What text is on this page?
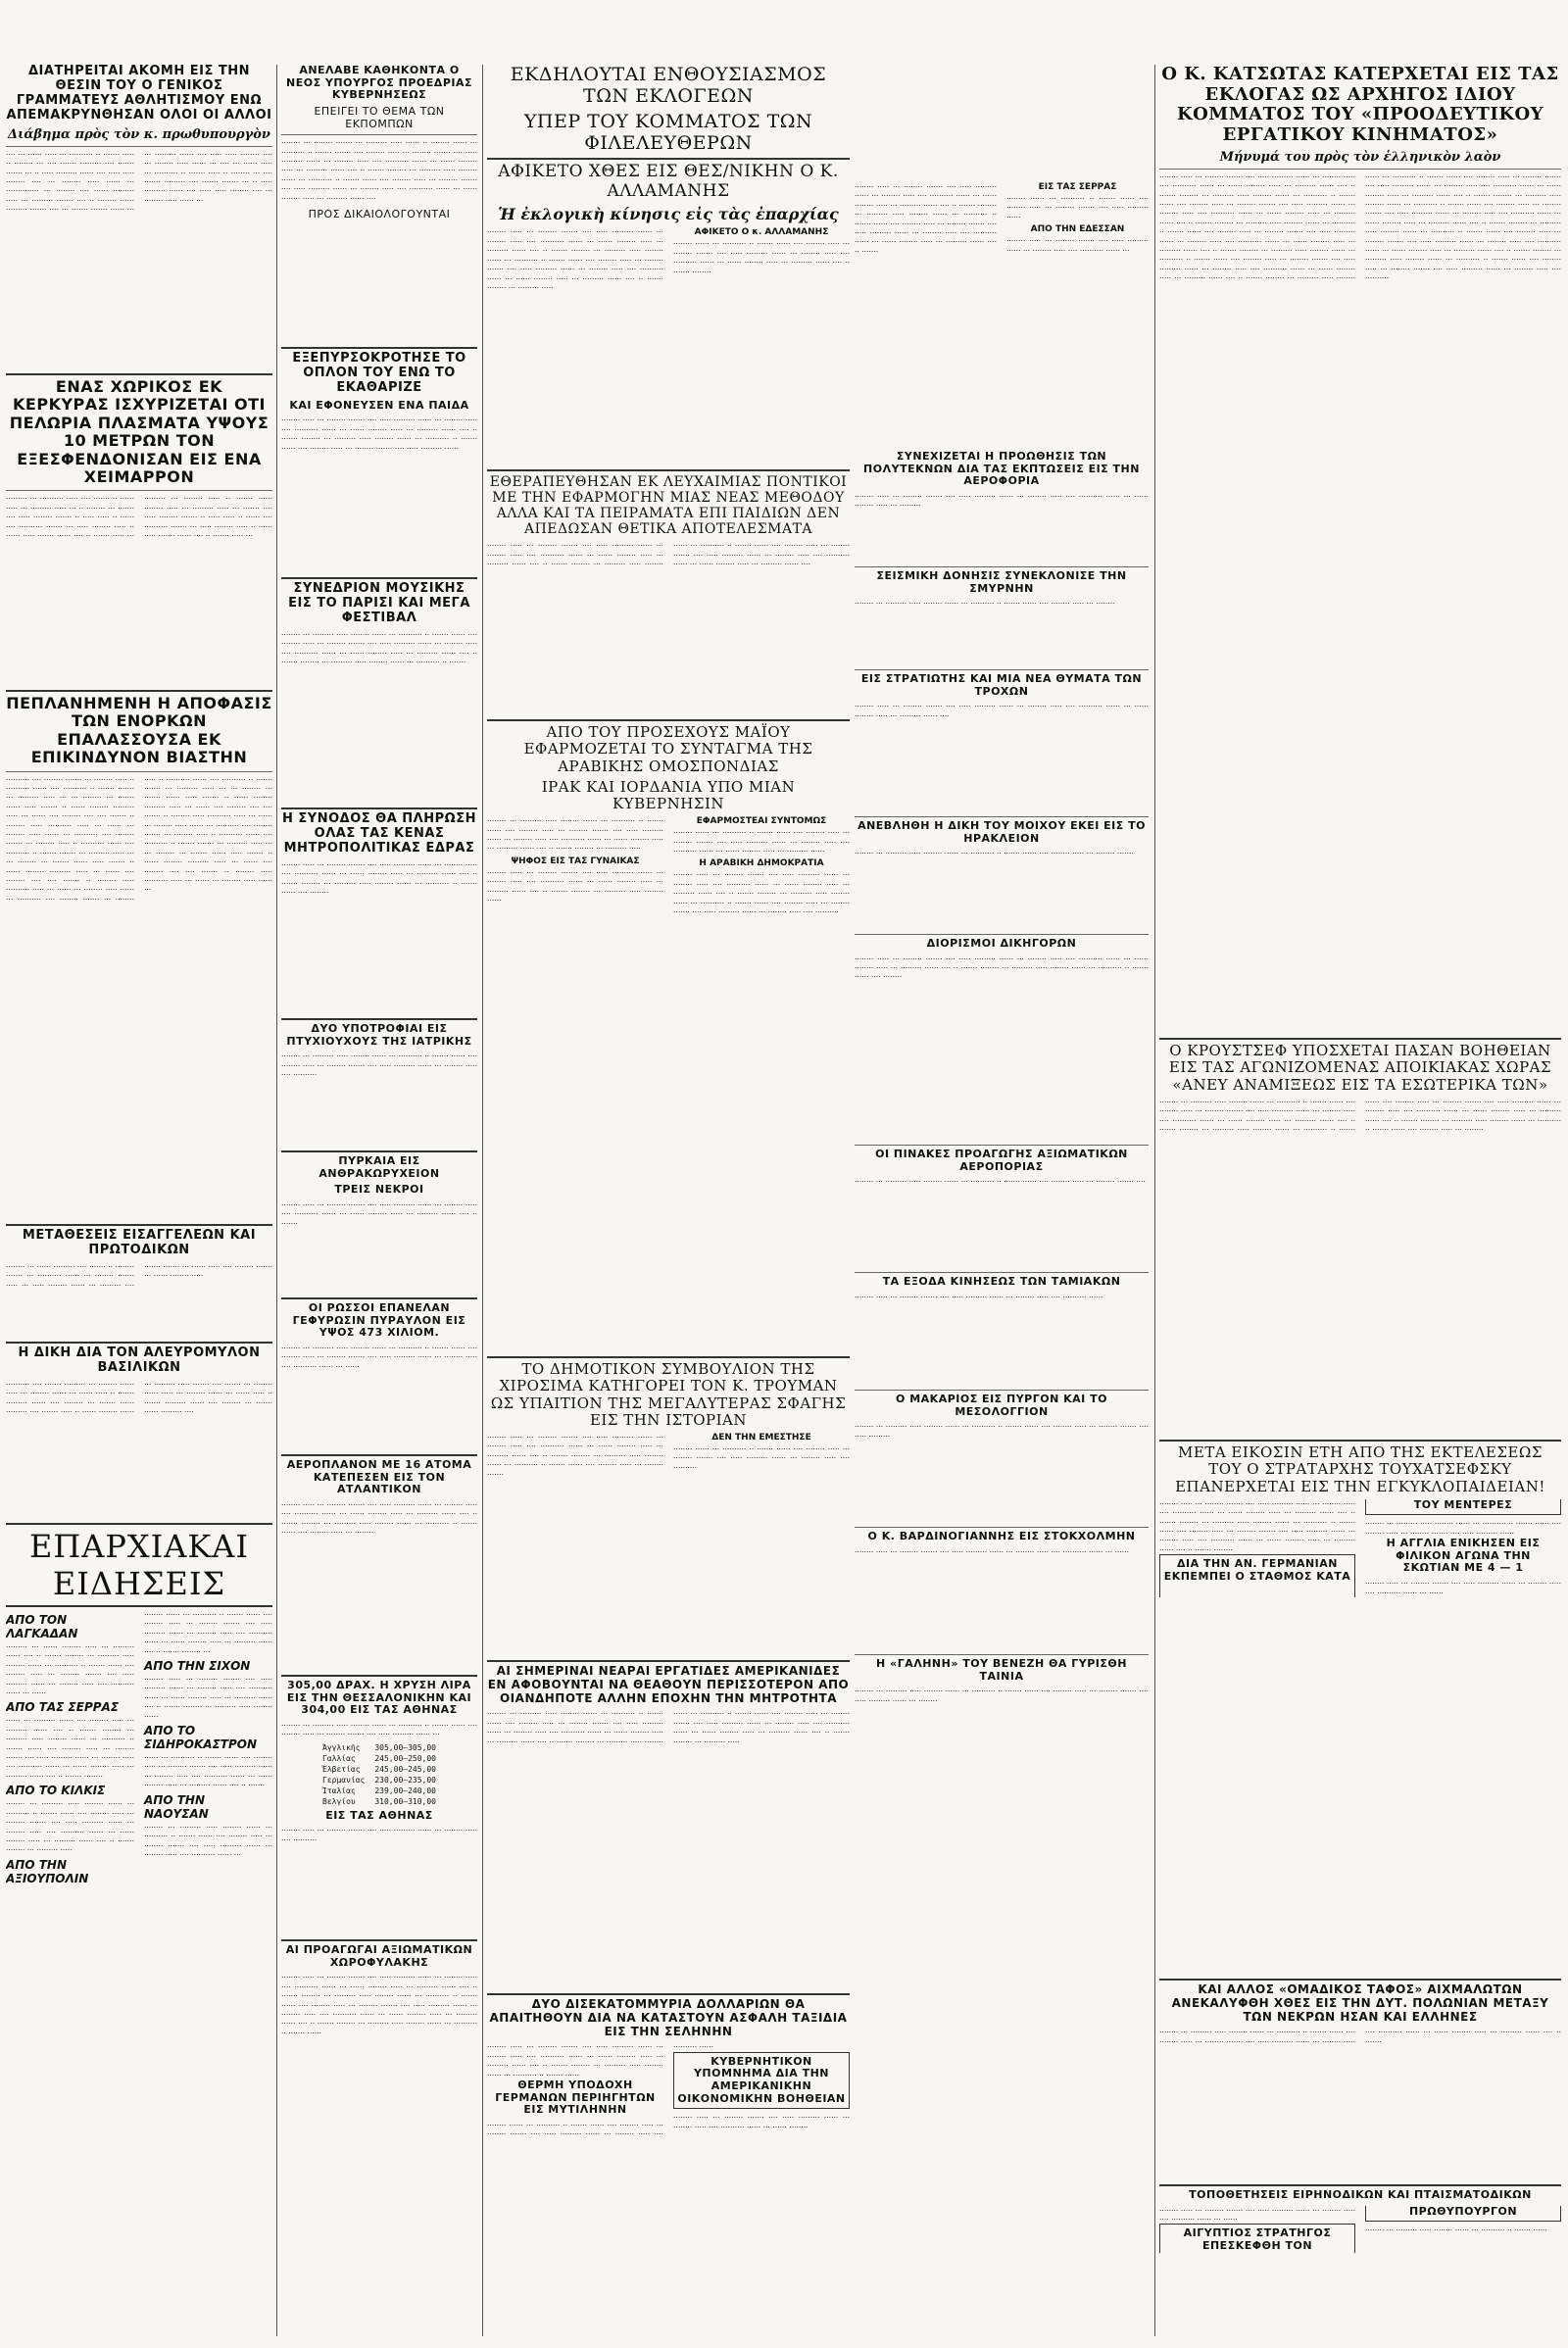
ΔΙΑΤΗΡΕΙΤΑΙ ΑΚΟΜΗ ΕΙΣ ΤΗΝ ΘΕΣΙΝ ΤΟΥ Ο ΓΕΝΙΚΟΣ ΓΡΑΜΜΑΤΕΥΣ ΑΘΛΗΤΙΣΜΟΥ ΕΝΩ ΑΠΕΜΑΚΡΥΝΘΗΣΑΝ ΟΛΟΙ ΟΙ ΑΛΛΟΙ
Διάβημα πρὸς τὸν κ. πρωθυπουργὸν

···· ··· ······ ····· ··· ·········· ·· ······· ····· ·· ········ ··· ···· ······· ········· ···· ······· ······· ··· ·· ····· ········· ······ ···· ····· ····· ········ ···· ··· ········ ····· ······ ··· ·············· ··· ········ ···· ······ ········· ····· ··· ········· ······· ···· ·· ········ ······ ········· ······· ···· ··· ······· ······· ······ ··· ··· ········· ······ ···· ····· ····· ········ ···· ··· ········ ····· ······ ··· ···· ··· ······ ····· ··· ·········· ·· ······· ····· ·· ········ ··· ···· ······· ········· ···· ······· ······· ··· ·· ····· ········· ······ ···· ····· ····· ········ ···· ··· ········ ····· ······ ···

ΕΝΑΣ ΧΩΡΙΚΟΣ ΕΚ ΚΕΡΚΥΡΑΣ ΙΣΧΥΡΙΖΕΤΑΙ ΟΤΙ ΠΕΛΩΡΙΑ ΠΛΑΣΜΑΤΑ ΥΨΟΥΣ 10 ΜΕΤΡΩΝ ΤΟΝ ΕΞΕΣΦΕΝΔΟΝΙΣΑΝ ΕΙΣ ΕΝΑ ΧΕΙΜΑΡΡΟΝ

········· ··· ·········· ····· ···· ······· ·· ······ ····· ··· ········· ····· ··· ·· ········ ··· ······· ···· ····· ········ ······· ·· ····· ····· ·· ······ ···· ·········· ······· ··· ····· ········ ····· ·· ······ ····· ······· ······ ···· ·· ······· ····· ··· ········· ··· ········ ····· ·· ······· ······ ········ ····· ··· ········· ····· ··· ······· ···· ····· ········ ······· ·· ····· ····· ·· ······ ···· ·········· ······· ··· ····· ········ ····· ·· ······ ····· ······· ······ ···· ·· ······· ····· ···

ΠΕΠΛΑΝΗΜΕΝΗ Η ΑΠΟΦΑΣΙΣ ΤΩΝ ΕΝΟΡΚΩΝ ΕΠΑΛΑΣΣΟΥΣΑ ΕΚ ΕΠΙΚΙΝΔΥΝΟΝ ΒΙΑΣΤΗΝ

·········· ···· ········ ······· ··· ········ ····· ·· ·········· ······ ···· ·········· ·· ······· ······· ··· ········· ····· ··· ··· ········ ··· ······· ······ ····· ······· ·· ······ ········ ········· ····· ··· ······ ···· ········ ···· ···· ······· ·· ········ ····· ·········· ····· ··· ······ ··· ········ ····· ······ ··· ·········· ···· ········ ······· ··· ········ ····· ·· ·········· ······ ···· ·········· ·· ······· ······· ··· ········· ····· ··· ··· ········ ··· ······· ······ ····· ······· ·· ······ ········ ········· ····· ··· ······ ···· ········ ···· ···· ······· ·· ········ ····· ·········· ····· ··· ······ ··· ········ ····· ······ ··· ·········· ···· ········ ······· ··· ········ ····· ·· ·········· ······ ···· ·········· ·· ······· ······· ··· ········· ····· ··· ··· ········ ··· ······· ······ ····· ······· ·· ······ ········ ········· ····· ··· ······ ···· ········ ···· ···· ······· ·· ········ ····· ·········· ····· ··· ······ ··· ········ ····· ······ ··· ·········· ···· ········ ······· ··· ········ ····· ·· ·········· ······ ···· ·········· ·· ······· ······· ··· ········· ····· ··· ··· ········ ··· ······· ······ ····· ······· ·· ······ ········ ········· ····· ··· ······ ···· ········ ···· ···· ······· ·· ········ ····· ·········· ····· ··· ······ ··· ········ ····· ······ ···

ΜΕΤΑΘΕΣΕΙΣ ΕΙΣΑΓΓΕΛΕΩΝ ΚΑΙ ΠΡΩΤΟΔΙΚΩΝ

········ ··· ······ ········· ···· ······· ·· ········ ······· ··· ·········· ······ ··· ········ ······· ····· ··· ····· ········ ······ ··· ········· ···· ······· ······· ··· ······ ····· ···· ········ ······· ··· ······ ········ ·····

Η ΔΙΚΗ ΔΙΑ ΤΟΝ ΑΛΕΥΡΟΜΥΛΟΝ ΒΑΣΙΛΙΚΩΝ

·········· ···· ······· ········· ··· ········ ······ ····· ··· ········ ······ ··· ······ ····· ·· ······· ········· ······ ···· ········ ··· ······· ······ ········· ···· ······· ····· ·· ······ ········ ······ ··· ········· ····· ······· ···· ······· ··· ········ ······ ····· ··· ········ ······ ··· ······ ····· ·· ······· ········· ······ ···· ········ ··· ······· ······ ········· ····

ΕΠΑΡΧΙΑΚΑΙ ΕΙΔΗΣΕΙΣ
ΑΠΟ ΤΟΝ ΛΑΓΚΑΔΑΝ

········· ··· ······ ········ ····· ··· ········· ······ ···· ·· ······· ········ ··· ········· ····· ········ ······ ··· ·········· ·· ······· ······ ···· ········ ····· ··· ········ ······· ···· ····· ········· ······ ··· ········ ····· ···· ·········· ······ ··· ······

ΑΠΟ ΤΑΣ ΣΕΡΡΑΣ

······ ··· ········· ······ ···· ········ ····· ··· ········· ······ ···· ·· ······· ········ ··· ········· ····· ········ ······ ··· ·········· ·· ······· ······ ···· ········ ····· ··· ········ ······· ···· ····· ········· ······ ··· ········ ····· ···· ·········· ······ ··· ······ ········ ····· ··· ········· ······ ···· ·· ······· ········

ΑΠΟ ΤΟ ΚΙΛΚΙΣ

········ ··· ········· ····· ········ ······ ··· ·········· ·· ······· ······ ···· ········ ····· ··· ········ ······· ···· ····· ········· ······ ··· ········ ····· ···· ·········· ······ ··· ······ ········ ····· ··· ········· ······ ···· ·· ······· ········ ··· ········· ·····

ΑΠΟ ΤΗΝ ΑΞΙΟΥΠΟΛΙΝ

········ ······ ··· ·········· ·· ······· ······ ···· ········ ····· ··· ········ ······· ···· ····· ········· ······ ··· ········ ····· ···· ·········· ······ ··· ······ ········ ····· ··· ········· ······ ···· ·· ······· ········ ···

ΑΠΟ ΤΗΝ ΣΙΧΟΝ

········ ····· ··· ········ ······· ···· ····· ········· ······ ··· ········ ····· ···· ·········· ······ ··· ······ ········ ····· ··· ········· ······ ···· ·· ······· ········ ··· ········· ····· ········ ······

ΑΠΟ ΤΟ ΣΙΔΗΡΟΚΑΣΤΡΟΝ

······ ··· ·········· ·· ······· ······ ···· ········ ····· ··· ········ ······· ···· ····· ········· ······ ··· ········ ····· ···· ·········· ······ ··· ······ ········ ····· ··· ········· ······ ···· ·· ·······

ΑΠΟ ΤΗΝ ΝΑΟΥΣΑΝ

········ ··· ········· ····· ········ ······ ··· ·········· ·· ······· ······ ···· ········ ····· ··· ········ ······· ···· ····· ········· ······ ··· ········ ····· ···· ·········· ······ ···

ΑΝΕΛΑΒΕ ΚΑΘΗΚΟΝΤΑ Ο ΝΕΟΣ ΥΠΟΥΡΓΟΣ ΠΡΟΕΔΡΙΑΣ ΚΥΒΕΡΝΗΣΕΩΣ
ΕΠΕΙΓΕΙ ΤΟ ΘΕΜΑ ΤΩΝ ΕΚΠΟΜΠΩΝ

········ ··· ········ ······· ··· ········· ····· ······ ·· ········ ······ ··· ·········· ·· ······· ······· ···· ········ ····· ··· ········ ······· ···· ····· ········· ······ ··· ········ ····· ···· ·········· ······ ··· ······ ········ ····· ··· ········· ······ ···· ·· ······· ········ ··· ········· ····· ········ ······ ··· ·········· ·· ······· ······ ···· ········ ····· ··· ········ ······· ···· ····· ········· ······ ··· ········ ····· ···· ·········· ······ ··· ······ ········ ····· ··· ········· ······ ····

ΠΡΟΣ ΔΙΚΑΙΟΛΟΓΟΥΝΤΑΙ
ΕΞΕΠΥΡΣΟΚΡΟΤΗΣΕ ΤΟ ΟΠΛΟΝ ΤΟΥ ΕΝΩ ΤΟ ΕΚΑΘΑΡΙΖΕ
ΚΑΙ ΕΦΟΝΕΥΣΕΝ ΕΝΑ ΠΑΙΔΑ

········ ····· ··· ········ ······· ···· ····· ········· ······ ··· ········ ····· ···· ·········· ······ ··· ······ ········ ····· ··· ········· ······ ···· ·· ······· ········ ··· ········· ····· ········ ······ ··· ·········· ·· ······· ······ ···· ········ ····· ··· ········ ······· ···· ····· ········· ······

ΣΥΝΕΔΡΙΟΝ ΜΟΥΣΙΚΗΣ ΕΙΣ ΤΟ ΠΑΡΙΣΙ ΚΑΙ ΜΕΓΑ ΦΕΣΤΙΒΑΛ

········ ··· ········· ····· ········ ······ ··· ·········· ·· ······· ······ ···· ········ ····· ··· ········ ······· ···· ····· ········· ······ ··· ········ ····· ···· ·········· ······ ··· ······ ········ ····· ··· ········· ······ ···· ·· ······· ········ ··· ········· ····· ········ ······ ··· ·········· ·· ·······

Η ΣΥΝΟΔΟΣ ΘΑ ΠΛΗΡΩΣΗ ΟΛΑΣ ΤΑΣ ΚΕΝΑΣ ΜΗΤΡΟΠΟΛΙΤΙΚΑΣ ΕΔΡΑΣ

········ ····· ··· ········ ······· ···· ····· ········· ······ ··· ········ ····· ···· ·········· ······ ··· ······ ········ ····· ··· ········· ······ ···· ·· ······· ········ ··· ········· ····· ········ ······ ··· ·········· ·· ······· ······ ···· ········

ΔΥΟ ΥΠΟΤΡΟΦΙΑΙ ΕΙΣ ΠΤΥΧΙΟΥΧΟΥΣ ΤΗΣ ΙΑΤΡΙΚΗΣ

········ ··· ········· ····· ········ ······ ··· ·········· ·· ······· ······ ···· ········ ····· ··· ········ ······· ···· ····· ········· ······ ··· ········ ····· ···· ··········

ΠΥΡΚΑΙΑ ΕΙΣ ΑΝΘΡΑΚΩΡΥΧΕΙΟΝ
ΤΡΕΙΣ ΝΕΚΡΟΙ

········ ····· ··· ········ ······· ···· ····· ········· ······ ··· ········ ····· ···· ·········· ······ ··· ······ ········ ····· ··· ········· ······ ···· ·· ·······

ΟΙ ΡΩΣΣΟΙ ΕΠΑΝΕΛΑΝ ΓΕΦΥΡΩΣΙΝ ΠΥΡΑΥΛΟΝ ΕΙΣ ΥΨΟΣ 473 ΧΙΛΙΟΜ.

········ ··· ········· ····· ········ ······ ··· ·········· ·· ······· ······ ···· ········ ····· ··· ········ ······· ···· ····· ········· ······ ··· ········ ····· ···· ·········· ······ ··· ······

ΑΕΡΟΠΛΑΝΟΝ ΜΕ 16 ΑΤΟΜΑ ΚΑΤΕΠΕΣΕΝ ΕΙΣ ΤΟΝ ΑΤΛΑΝΤΙΚΟΝ

········ ····· ··· ········ ······· ···· ····· ········· ······ ··· ········ ····· ···· ·········· ······ ··· ······ ········ ····· ··· ········· ······ ···· ·· ······· ········ ··· ········· ····· ········ ······ ··· ·········· ·· ······· ······ ···· ········ ····· ··· ········

305,00 ΔΡΑΧ. Η ΧΡΥΣΗ ΛΙΡΑ ΕΙΣ ΤΗΝ ΘΕΣΣΑΛΟΝΙΚΗΝ ΚΑΙ 304,00 ΕΙΣ ΤΑΣ ΑΘΗΝΑΣ

········ ··· ········· ····· ········ ······ ··· ·········· ·· ······· ······ ···· ········ ····· ··· ········ ······· ···· ····· ········· ······ ···

Ἀγγλικῆς	305,00—305,00
Γαλλίας	245,00—250,00
Ἑλβετίας	245,00—245,00
Γερμανίας	230,00—235,00
Ἰταλίας	239,00—240,00
Βελγίου	310,00—310,00
ΕΙΣ ΤΑΣ ΑΘΗΝΑΣ

········ ····· ··· ········ ······· ···· ····· ········· ······ ··· ········ ····· ···· ··········

ΑΙ ΠΡΟΑΓΩΓΑΙ ΑΞΙΩΜΑΤΙΚΩΝ ΧΩΡΟΦΥΛΑΚΗΣ

········ ····· ··· ········ ······· ···· ····· ········· ······ ··· ········ ····· ···· ·········· ······ ··· ······ ········ ····· ··· ········· ······ ···· ·· ······· ········ ··· ········· ····· ········ ······ ··· ·········· ·· ······· ······ ···· ········ ····· ··· ········ ······· ···· ····· ········· ······ ··· ········ ····· ···· ·········· ······ ··· ······ ········ ····· ··· ········· ······ ···· ·· ······· ········ ··· ········· ····· ········ ······ ··· ·········· ·· ······· ······

ΕΚΔΗΛΟΥΤΑΙ ΕΝΘΟΥΣΙΑΣΜΟΣ ΤΩΝ ΕΚΛΟΓΕΩΝ
ΥΠΕΡ ΤΟΥ ΚΟΜΜΑΤΟΣ ΤΩΝ ΦΙΛΕΛΕΥΘΕΡΩΝ
ΑΦΙΚΕΤΟ ΧΘΕΣ ΕΙΣ ΘΕΣ/ΝΙΚΗΝ Ο Κ. ΑΛΛΑΜΑΝΗΣ
Ἡ ἐκλογικὴ κίνησις εἰς τὰς ἐπαρχίας

········ ····· ··· ········ ······· ···· ····· ········· ······ ··· ········ ····· ···· ·········· ······ ··· ······ ········ ····· ··· ········· ······ ···· ·· ······· ········ ··· ········· ····· ········ ······ ··· ·········· ·· ······· ······ ···· ········ ····· ··· ········ ······· ···· ····· ········· ······ ··· ········ ····· ···· ·········· ······ ··· ······ ········ ····· ··· ········· ······ ···· ·· ······· ········ ··· ········· ·····

ΑΦΙΚΕΤΟ Ο κ. ΑΛΛΑΜΑΝΗΣ

········ ······ ··· ·········· ·· ······· ······ ···· ········ ····· ··· ········ ······· ···· ····· ········· ······ ··· ········ ····· ···· ·········· ······ ··· ······ ········ ····· ··· ········· ······ ···· ·· ······· ········

ΕΘΕΡΑΠΕΥΘΗΣΑΝ ΕΚ ΛΕΥΧΑΙΜΙΑΣ ΠΟΝΤΙΚΟΙ ΜΕ ΤΗΝ ΕΦΑΡΜΟΓΗΝ ΜΙΑΣ ΝΕΑΣ ΜΕΘΟΔΟΥ ΑΛΛΑ ΚΑΙ ΤΑ ΠΕΙΡΑΜΑΤΑ ΕΠΙ ΠΑΙΔΙΩΝ ΔΕΝ ΑΠΕΔΩΣΑΝ ΘΕΤΙΚΑ ΑΠΟΤΕΛΕΣΜΑΤΑ

········ ····· ··· ········ ······· ···· ····· ········· ······ ··· ········ ····· ···· ·········· ······ ··· ······ ········ ····· ··· ········· ······ ···· ·· ······· ········ ··· ········· ····· ········ ······ ··· ·········· ·· ······· ······ ···· ········ ····· ··· ········ ······· ···· ····· ········· ······ ··· ········ ····· ···· ·········· ······ ··· ······ ········ ····· ··· ········· ······ ····

ΑΠΟ ΤΟΥ ΠΡΟΣΕΧΟΥΣ ΜΑΪΟΥ ΕΦΑΡΜΟΖΕΤΑΙ ΤΟ ΣΥΝΤΑΓΜΑ ΤΗΣ ΑΡΑΒΙΚΗΣ ΟΜΟΣΠΟΝΔΙΑΣ
ΙΡΑΚ ΚΑΙ ΙΟΡΔΑΝΙΑ ΥΠΟ ΜΙΑΝ ΚΥΒΕΡΝΗΣΙΝ

········ ··· ········· ····· ········ ······ ··· ·········· ·· ······· ······ ···· ········ ····· ··· ········ ······· ···· ····· ········· ······ ··· ········ ····· ···· ·········· ······ ··· ······ ········ ····· ··· ········· ······ ···· ·· ······· ········ ··· ········· ·····

ΨΗΦΟΣ ΕΙΣ ΤΑΣ ΓΥΝΑΙΚΑΣ

········ ····· ··· ········ ······· ···· ····· ········· ······ ··· ········ ····· ···· ·········· ······ ··· ······ ········ ····· ··· ········· ······ ···· ·· ······· ········ ··· ········· ····· ········ ······

ΕΦΑΡΜΟΣΤΕΑΙ ΣΥΝΤΟΜΩΣ

········ ······ ··· ·········· ·· ······· ······ ···· ········ ····· ··· ········ ······· ···· ····· ········· ······ ··· ········ ····· ···· ·········· ······ ··· ······ ········ ····· ··· ········· ······

Η ΑΡΑΒΙΚΗ ΔΗΜΟΚΡΑΤΙΑ

········ ····· ··· ········ ······· ···· ····· ········· ······ ··· ········ ····· ···· ·········· ······ ··· ······ ········ ····· ··· ········· ······ ···· ·· ······· ········ ··· ········· ····· ········ ······ ··· ·········· ·· ······· ······ ···· ········ ····· ··· ········ ······· ···· ····· ········· ······ ··· ········ ····· ···· ··········

ΤΟ ΔΗΜΟΤΙΚΟΝ ΣΥΜΒΟΥΛΙΟΝ ΤΗΣ ΧΙΡΟΣΙΜΑ ΚΑΤΗΓΟΡΕΙ ΤΟΝ Κ. ΤΡΟΥΜΑΝ ΩΣ ΥΠΑΙΤΙΟΝ ΤΗΣ ΜΕΓΑΛΥΤΕΡΑΣ ΣΦΑΓΗΣ ΕΙΣ ΤΗΝ ΙΣΤΟΡΙΑΝ

········ ····· ··· ········ ······· ···· ····· ········· ······ ··· ········ ····· ···· ·········· ······ ··· ······ ········ ····· ··· ········· ······ ···· ·· ······· ········ ··· ········· ····· ········ ······ ··· ·········· ·· ······· ······ ···· ········ ····· ··· ········ ·······

ΔΕΝ ΤΗΝ ΕΜΕΣΤΗΣΕ

········ ······ ··· ·········· ·· ······· ······ ···· ········ ····· ··· ········ ······· ···· ····· ········· ······ ··· ········ ····· ···· ··········

ΑΙ ΣΗΜΕΡΙΝΑΙ ΝΕΑΡΑΙ ΕΡΓΑΤΙΔΕΣ ΑΜΕΡΙΚΑΝΙΔΕΣ ΕΝ ΑΦΟΒΟΥΝΤΑΙ ΝΑ ΘΕΑΘΟΥΝ ΠΕΡΙΣΣΟΤΕΡΟΝ ΑΠΟ ΟΙΑΝΔΗΠΟΤΕ ΑΛΛΗΝ ΕΠΟΧΗΝ ΤΗΝ ΜΗΤΡΟΤΗΤΑ

········ ··· ········· ····· ········ ······ ··· ·········· ·· ······· ······ ···· ········ ····· ··· ········ ······· ···· ····· ········· ······ ··· ········ ····· ···· ·········· ······ ··· ······ ········ ····· ··· ········· ······ ···· ·· ······· ········ ··· ········· ····· ········ ······ ··· ·········· ·· ······· ······ ···· ········ ····· ··· ········ ······· ···· ····· ········· ······ ··· ········ ····· ···· ·········· ······ ··· ······ ········ ····· ··· ········· ······ ···· ·· ······· ········ ··· ········· ·····

ΔΥΟ ΔΙΣΕΚΑΤΟΜΜΥΡΙΑ ΔΟΛΛΑΡΙΩΝ ΘΑ ΑΠΑΙΤΗΘΟΥΝ ΔΙΑ ΝΑ ΚΑΤΑΣΤΟΥΝ ΑΣΦΑΛΗ ΤΑΞΙΔΙΑ ΕΙΣ ΤΗΝ ΣΕΛΗΝΗΝ

········ ····· ··· ········ ······· ···· ····· ········· ······ ··· ········ ····· ···· ·········· ······ ··· ······ ········ ····· ··· ········· ······ ···· ·· ······· ········ ··· ········· ····· ········ ······ ··· ·········· ·· ······· ······

ΘΕΡΜΗ ΥΠΟΔΟΧΗ ΓΕΡΜΑΝΩΝ ΠΕΡΙΗΓΗΤΩΝ ΕΙΣ ΜΥΤΙΛΗΝΗΝ

········ ······ ··· ·········· ·· ······· ······ ···· ········ ····· ··· ········ ······· ···· ····· ········· ······ ··· ········ ····· ···· ·········· ······

ΚΥΒΕΡΝΗΤΙΚΟΝ ΥΠΟΜΝΗΜΑ ΔΙΑ ΤΗΝ ΑΜΕΡΙΚΑΝΙΚΗΝ ΟΙΚΟΝΟΜΙΚΗΝ ΒΟΗΘΕΙΑΝ

········ ····· ··· ········ ······· ···· ····· ········· ······ ··· ········ ····· ···· ·········· ······ ··· ······ ········

ΣΥΝΕΧΙΖΕΤΑΙ Η ΠΡΟΩΘΗΣΙΣ ΤΩΝ ΠΟΛΥΤΕΚΝΩΝ ΔΙΑ ΤΑΣ ΕΚΠΤΩΣΕΙΣ ΕΙΣ ΤΗΝ ΑΕΡΟΦΟΡΙΑ

········ ····· ··· ········ ······· ···· ····· ········· ······ ··· ········ ····· ···· ·········· ······ ··· ······ ········ ····· ··· ·········

ΣΕΙΣΜΙΚΗ ΔΟΝΗΣΙΣ ΣΥΝΕΚΛΟΝΙΣΕ ΤΗΝ ΣΜΥΡΝΗΝ

········ ··· ········· ····· ········ ······ ··· ·········· ·· ······· ······ ···· ········ ····· ··· ········

ΕΙΣ ΣΤΡΑΤΙΩΤΗΣ ΚΑΙ ΜΙΑ ΝΕΑ ΘΥΜΑΤΑ ΤΩΝ ΤΡΟΧΩΝ

········ ····· ··· ········ ······· ···· ····· ········· ······ ··· ········ ····· ···· ·········· ······ ··· ······ ········ ····· ··· ········· ······ ····

ΑΝΕΒΛΗΘΗ Η ΔΙΚΗ ΤΟΥ ΜΟΙΧΟΥ ΕΚΕΙ ΕΙΣ ΤΟ ΗΡΑΚΛΕΙΟΝ

········ ··· ········· ····· ········ ······ ··· ·········· ·· ······· ······ ···· ········ ····· ··· ········ ·······

ΔΙΟΡΙΣΜΟΙ ΔΙΚΗΓΟΡΩΝ

········ ····· ··· ········ ······· ···· ····· ········· ······ ··· ········ ····· ···· ·········· ······ ··· ······ ········ ····· ··· ········· ······ ···· ·· ······· ········ ··· ········· ····· ········ ······ ··· ·········· ·· ······· ······ ···· ········

ΟΙ ΠΙΝΑΚΕΣ ΠΡΟΑΓΩΓΗΣ ΑΞΙΩΜΑΤΙΚΩΝ ΑΕΡΟΠΟΡΙΑΣ

········ ··· ········· ····· ········ ······ ··· ·········· ·· ······· ······ ···· ········ ····· ··· ········ ······· ····

ΤΑ ΕΞΟΔΑ ΚΙΝΗΣΕΩΣ ΤΩΝ ΤΑΜΙΑΚΩΝ

········ ····· ··· ········ ······· ···· ····· ········· ······ ··· ········ ····· ···· ·········· ······

Ο ΜΑΚΑΡΙΟΣ ΕΙΣ ΠΥΡΓΟΝ ΚΑΙ ΤΟ ΜΕΣΟΛΟΓΓΙΟΝ

········ ··· ········· ····· ········ ······ ··· ·········· ·· ······· ······ ···· ········ ····· ··· ········ ······· ···· ····· ·········

Ο Κ. ΒΑΡΔΙΝΟΓΙΑΝΝΗΣ ΕΙΣ ΣΤΟΚΧΟΛΜΗΝ

········ ····· ··· ········ ······· ···· ····· ········· ······ ··· ········ ····· ···· ·········· ······ ··· ······

Η «ΓΑΛΗΝΗ» ΤΟΥ ΒΕΝΕΖΗ ΘΑ ΓΥΡΙΣΘΗ ΤΑΙΝΙΑ

········ ··· ········· ····· ········ ······ ··· ·········· ·· ······· ······ ···· ········ ····· ··· ········ ······· ···· ····· ········· ······ ··· ········

········ ····· ··· ········ ······· ···· ····· ········· ······ ··· ········ ····· ···· ·········· ······ ··· ······ ········ ····· ··· ········· ······ ···· ·· ······· ········ ··· ········· ····· ········ ······ ··· ·········· ·· ······· ······ ···· ········ ····· ··· ········ ······· ···· ····· ········· ······ ··· ········ ····· ···· ·········· ······ ··· ······ ········ ····· ··· ········· ······ ···· ·· ·······

ΕΙΣ ΤΑΣ ΣΕΡΡΑΣ

········ ······ ··· ·········· ·· ······· ······ ···· ········ ····· ··· ········ ······· ···· ····· ········· ······

ΑΠΟ ΤΗΝ ΕΔΕΣΣΑΝ

········ ····· ··· ········ ······· ···· ····· ········· ······ ··· ········ ····· ···· ·········· ······ ···

Ο Κ. ΚΑΤΣΩΤΑΣ ΚΑΤΕΡΧΕΤΑΙ ΕΙΣ ΤΑΣ ΕΚΛΟΓΑΣ ΩΣ ΑΡΧΗΓΟΣ ΙΔΙΟΥ ΚΟΜΜΑΤΟΣ ΤΟΥ «ΠΡΟΟΔΕΥΤΙΚΟΥ ΕΡΓΑΤΙΚΟΥ ΚΙΝΗΜΑΤΟΣ»
Μήνυμά του πρὸς τὸν ἑλληνικὸν λαὸν

········ ····· ··· ········ ······· ···· ····· ········· ······ ··· ········ ····· ···· ·········· ······ ··· ······ ········ ····· ··· ········· ······ ···· ·· ······· ········ ··· ········· ····· ········ ······ ··· ·········· ·· ······· ······ ···· ········ ····· ··· ········ ······· ···· ····· ········· ······ ··· ········ ····· ···· ·········· ······ ··· ······ ········ ····· ··· ········· ······ ···· ·· ······· ········ ··· ········· ····· ········ ······ ··· ·········· ·· ······· ······ ···· ········ ····· ··· ········ ······· ···· ····· ········· ······ ··· ········ ····· ···· ·········· ······ ··· ······ ········ ····· ··· ········· ······ ···· ·· ······· ········ ··· ········· ····· ········ ······ ··· ·········· ·· ······· ······ ···· ········ ····· ··· ········ ······· ···· ····· ········· ······ ··· ········ ····· ···· ·········· ······ ··· ······ ········ ····· ··· ········· ······ ···· ·· ······· ········ ··· ········· ····· ········ ······ ··· ·········· ·· ······· ······ ···· ········ ····· ··· ········ ······· ···· ····· ········· ······ ··· ········ ····· ···· ·········· ······ ··· ······ ········ ····· ··· ········· ······ ···· ·· ······· ········ ··· ········· ····· ········ ······ ··· ·········· ·· ······· ······ ···· ········ ····· ··· ········ ······· ···· ····· ········· ······ ··· ········ ····· ···· ·········· ······ ··· ······ ········ ····· ··· ········· ······ ···· ·· ······· ········ ··· ········· ····· ········ ······ ··· ·········· ·· ······· ······ ···· ········ ····· ··· ········ ······· ···· ····· ········· ······ ··· ········ ····· ···· ·········· ······ ··· ······ ········ ····· ··· ········· ······ ···· ·· ······· ········ ··· ········· ····· ········ ······ ··· ·········· ·· ······· ······ ···· ········ ····· ··· ········ ······· ···· ····· ········· ······ ··· ········ ····· ···· ··········

Ο ΚΡΟΥΣΤΣΕΦ ΥΠΟΣΧΕΤΑΙ ΠΑΣΑΝ ΒΟΗΘΕΙΑΝ ΕΙΣ ΤΑΣ ΑΓΩΝΙΖΟΜΕΝΑΣ ΑΠΟΙΚΙΑΚΑΣ ΧΩΡΑΣ «ΑΝΕΥ ΑΝΑΜΙΞΕΩΣ ΕΙΣ ΤΑ ΕΣΩΤΕΡΙΚΑ ΤΩΝ»

········ ··· ········· ····· ········ ······ ··· ·········· ·· ······· ······ ···· ········ ····· ··· ········ ······· ···· ····· ········· ······ ··· ········ ····· ···· ·········· ······ ··· ······ ········ ····· ··· ········· ······ ···· ·· ······· ········ ··· ········· ····· ········ ······ ··· ·········· ·· ······· ······ ···· ········ ····· ··· ········ ······· ···· ····· ········· ······ ··· ········ ····· ···· ·········· ······ ··· ······ ········ ····· ··· ········· ······ ···· ·· ······· ········ ··· ········· ····· ········ ······ ··· ·········· ·· ······· ······ ···· ········ ····· ··· ········

ΜΕΤΑ ΕΙΚΟΣΙΝ ΕΤΗ ΑΠΟ ΤΗΣ ΕΚΤΕΛΕΣΕΩΣ ΤΟΥ Ο ΣΤΡΑΤΑΡΧΗΣ ΤΟΥΧΑΤΣΕΦΣΚΥ ΕΠΑΝΕΡΧΕΤΑΙ ΕΙΣ ΤΗΝ ΕΓΚΥΚΛΟΠΑΙΔΕΙΑΝ!

········ ····· ··· ········ ······· ···· ····· ········· ······ ··· ········ ····· ···· ·········· ······ ··· ······ ········ ····· ··· ········· ······ ···· ·· ······· ········ ··· ········· ····· ········ ······ ··· ·········· ·· ······· ······ ···· ········ ····· ··· ········ ······· ···· ····· ········· ······ ··· ········ ····· ···· ·········· ······ ··· ······ ········ ····· ··· ········· ······ ···· ·· ······· ········

ΔΙΑ ΤΗΝ ΑΝ. ΓΕΡΜΑΝΙΑΝ ΕΚΠΕΜΠΕΙ Ο ΣΤΑΘΜΟΣ ΚΑΤΑ ΤΟΥ ΜΕΝΤΕΡΕΣ

········ ··· ········· ····· ········ ······ ··· ·········· ·· ······· ······ ···· ········ ····· ··· ········ ······· ···· ····· ········· ······

Η ΑΓΓΛΙΑ ΕΝΙΚΗΣΕΝ ΕΙΣ ΦΙΛΙΚΟΝ ΑΓΩΝΑ ΤΗΝ ΣΚΩΤΙΑΝ ΜΕ 4 — 1

········ ····· ··· ········ ······· ···· ····· ········· ······ ··· ········ ····· ···· ·········· ······ ··· ······

ΚΑΙ ΑΛΛΟΣ «ΟΜΑΔΙΚΟΣ ΤΑΦΟΣ» ΑΙΧΜΑΛΩΤΩΝ ΑΝΕΚΑΛΥΦΘΗ ΧΘΕΣ ΕΙΣ ΤΗΝ ΔΥΤ. ΠΟΛΩΝΙΑΝ ΜΕΤΑΞΥ ΤΩΝ ΝΕΚΡΩΝ ΗΣΑΝ ΚΑΙ ΕΛΛΗΝΕΣ

········ ··· ········· ····· ········ ······ ··· ·········· ·· ······· ······ ···· ········ ····· ··· ········ ······· ···· ····· ········· ······ ··· ········ ····· ···· ·········· ······ ··· ······ ········ ····· ··· ········· ······ ···· ·· ·······

ΤΟΠΟΘΕΤΗΣΕΙΣ ΕΙΡΗΝΟΔΙΚΩΝ ΚΑΙ ΠΤΑΙΣΜΑΤΟΔΙΚΩΝ

········ ····· ··· ········ ······· ···· ····· ········· ······ ··· ········ ····· ···· ·········· ······ ··· ······

ΑΙΓΥΠΤΙΟΣ ΣΤΡΑΤΗΓΟΣ ΕΠΕΣΚΕΦΘΗ ΤΟΝ ΠΡΩΘΥΠΟΥΡΓΟΝ

········ ··· ········· ····· ········ ······ ··· ·········· ·· ······· ······
